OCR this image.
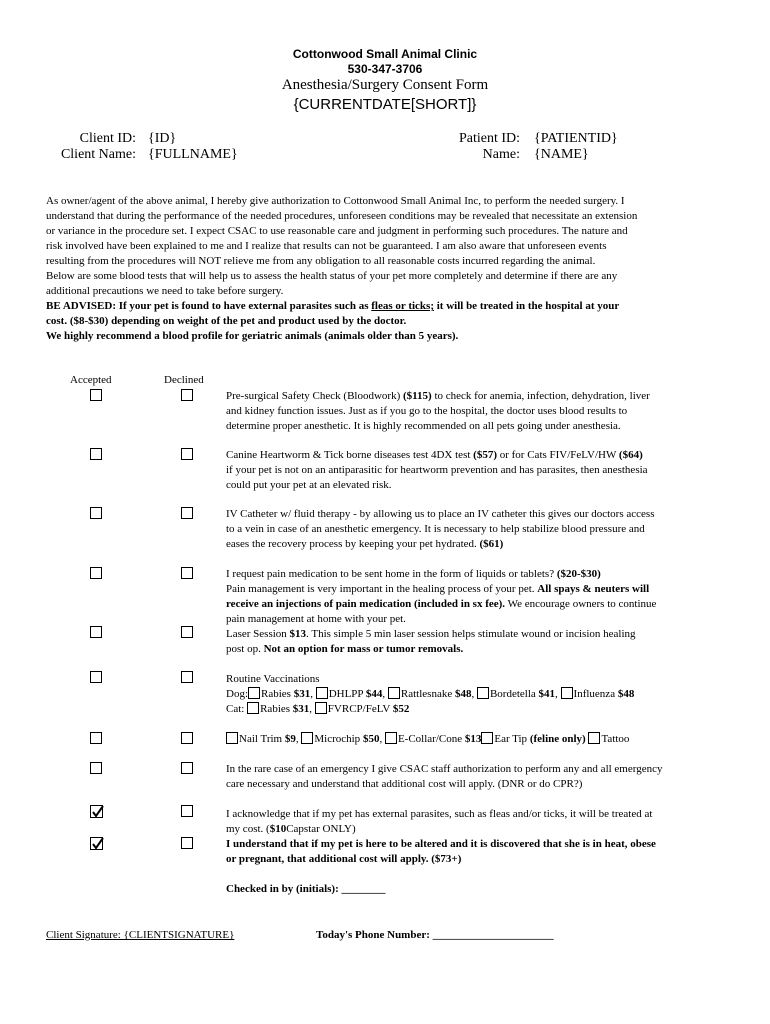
Cottonwood Small Animal Clinic
530-347-3706
Anesthesia/Surgery Consent Form
{CURRENTDATE[SHORT]}
Client ID: {ID}
Client Name: {FULLNAME}
Patient ID: {PATIENTID}
Name: {NAME}

As owner/agent of the above animal, I hereby give authorization to Cottonwood Small Animal Inc, to perform the needed surgery. I

understand that during the performance of the needed procedures, unforeseen conditions may be revealed that necessitate an extension

or variance in the procedure set. I expect CSAC to use reasonable care and judgment in performing such procedures. The nature and

risk involved have been explained to me and I realize that results can not be guaranteed. I am also aware that unforeseen events

resulting from the procedures will NOT relieve me from any obligation to all reasonable costs incurred regarding the animal.

Below are some blood tests that will help us to assess the health status of your pet more completely and determine if there are any

additional precautions we need to take before surgery.

BE ADVISED: If your pet is found to have external parasites such as fleas or ticks; it will be treated in the hospital at your

cost. ($8-$30) depending on weight of the pet and product used by the doctor.

We highly recommend a blood profile for geriatric animals (animals older than 5 years).

Accepted	Declined

Pre-surgical Safety Check (Bloodwork) ($115) to check for anemia, infection, dehydration, liver

and kidney function issues. Just as if you go to the hospital, the doctor uses blood results to

determine proper anesthetic. It is highly recommended on all pets going under anesthesia.

Canine Heartworm & Tick borne diseases test 4DX test ($57) or for Cats FIV/FeLV/HW ($64)

if your pet is not on an antiparasitic for heartworm prevention and has parasites, then anesthesia

could put your pet at an elevated risk.

IV Catheter w/ fluid therapy - by allowing us to place an IV catheter this gives our doctors access

to a vein in case of an anesthetic emergency. It is necessary to help stabilize blood pressure and

eases the recovery process by keeping your pet hydrated. ($61)

I request pain medication to be sent home in the form of liquids or tablets? ($20-$30)

Pain management is very important in the healing process of your pet. All spays & neuters will

receive an injections of pain medication (included in sx fee). We encourage owners to continue

pain management at home with your pet.

Laser Session $13. This simple 5 min laser session helps stimulate wound or incision healing

post op. Not an option for mass or tumor removals.

Routine Vaccinations

Dog: Rabies $31, DHLPP $44, Rattlesnake $48, Bordetella $41, Influenza $48

Cat: Rabies $31, FVRCP/FeLV $52

Nail Trim $9, Microchip $50, E-Collar/Cone $13 Ear Tip (feline only) Tattoo

In the rare case of an emergency I give CSAC staff authorization to perform any and all emergency

care necessary and understand that additional cost will apply. (DNR or do CPR?)

I acknowledge that if my pet has external parasites, such as fleas and/or ticks, it will be treated at

my cost. ($10Capstar ONLY)

I understand that if my pet is here to be altered and it is discovered that she is in heat, obese

or pregnant, that additional cost will apply. ($73+)

Checked in by (initials): ________
Client Signature: {CLIENTSIGNATURE}	Today's Phone Number: ______________________
